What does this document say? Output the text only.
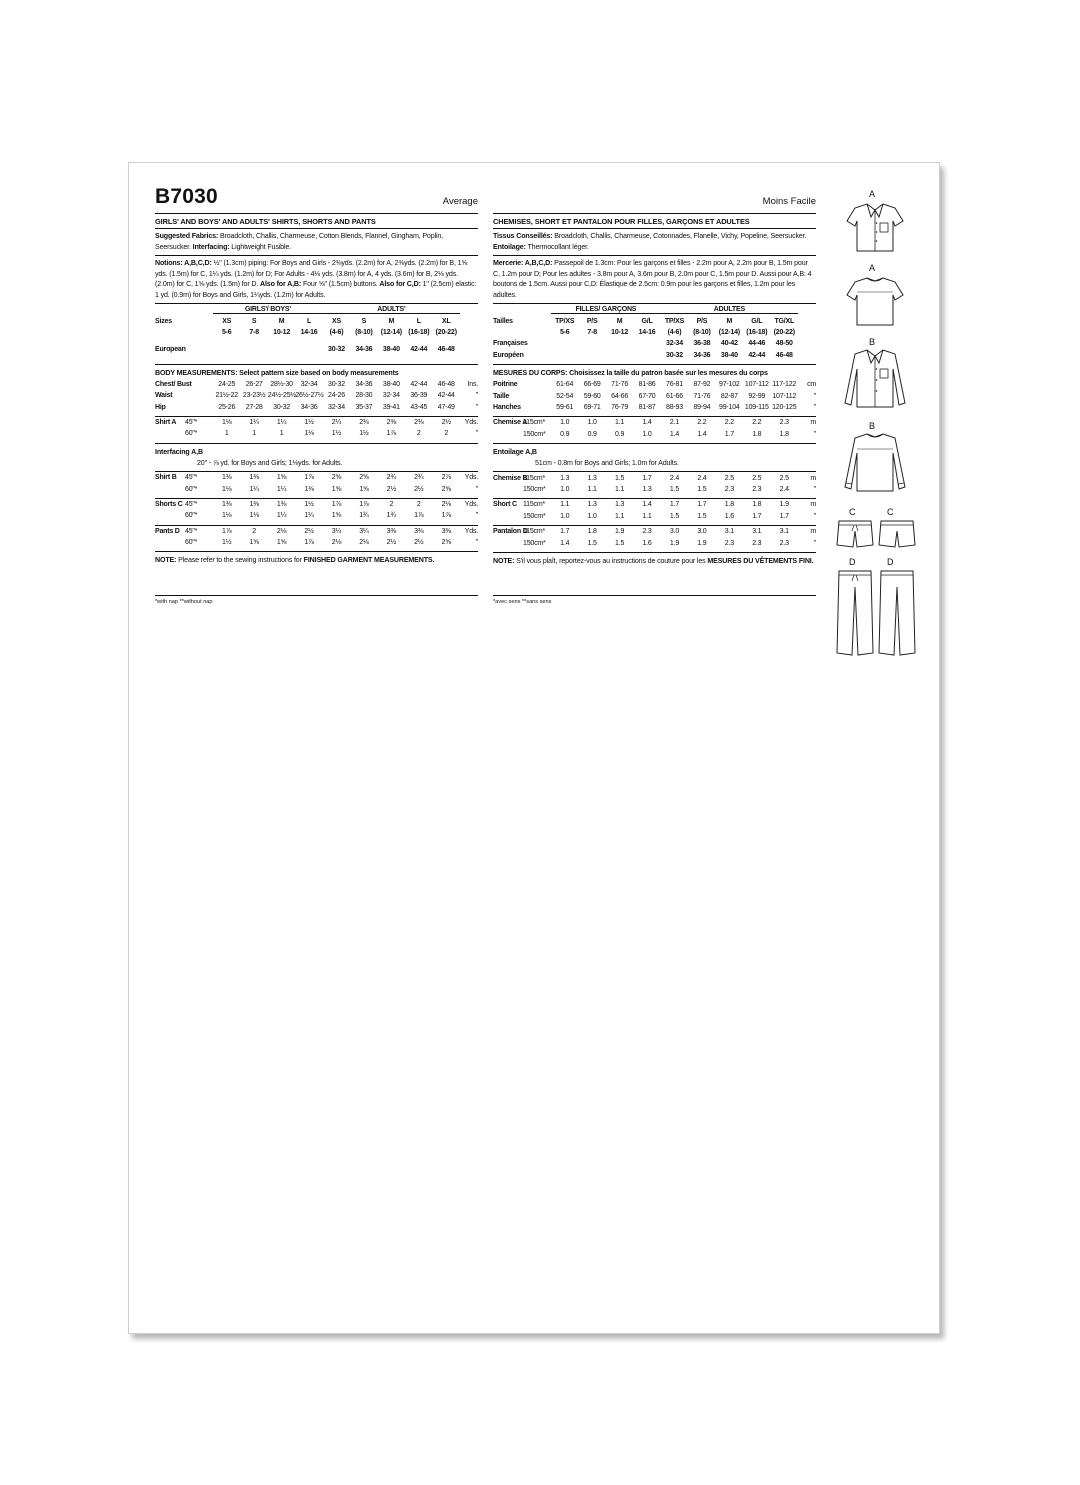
B7030	Average
GIRLS' AND BOYS' AND ADULTS' SHIRTS, SHORTS AND PANTS
Suggested Fabrics: Broadcloth, Challis, Charmeuse, Cotton Blends, Flannel, Gingham, Poplin, Seersucker. Interfacing: Lightweight Fusible.
Notions: A,B,C,D: ½" (1.3cm) piping: For Boys and Girls - 2⅜yds. (2.2m) for A, 2⅜yds. (2.2m) for B, 1⅝ yds. (1.5m) for C, 1¼ yds. (1.2m) for D; For Adults - 4⅛ yds. (3.8m) for A, 4 yds. (3.6m) for B, 2⅛ yds. (2.0m) for C, 1⅝ yds. (1.5m) for D. Also for A,B: Four ⅝" (1.5cm) buttons. Also for C,D: 1" (2.5cm) elastic: 1 yd. (0.9m) for Boys and Girls, 1¼yds. (1.2m) for Adults.
	GIRLS'/ BOYS'				ADULTS'					
Sizes	XS	S	M	L	XS	S	M	L	XL	
	5-6	7-8	10-12	14-16	(4-6)	(8-10)	(12-14)	(16-18)	(20-22)	

European					30-32	34-36	38-40	42-44	46-48	
BODY MEASUREMENTS: Select pattern size based on body measurements
Chest/ Bust	24-25	26-27	28½-30	32-34	30-32	34-36	38-40	42-44	46-48	Ins.
Waist	21½-22	23-23½	24½-25½	26½-27½	24-26	28-30	32-34	36-39	42-44	"
Hip	25-26	27-28	30-32	34-36	32-34	35-37	39-41	43-45	47-49	"
Shirt A	45"*	1⅛	1¼	1¼	1½	2¼	2⅜	2⅜	2⅜	2½	Yds.
	60"*	1	1	1	1⅛	1½	1½	1⅞	2	2	"
Interfacing A,B
20" - ⅞ yd. for Boys and Girls; 1⅛yds. for Adults.
Shirt B	45"*	1⅜	1⅜	1⅝	1⅞	2⅝	2⅝	2¾	2¾	2⅞	Yds.
	60"*	1⅛	1¼	1¼	1⅜	1⅝	1⅝	2½	2½	2⅝	"
Shorts C	45"*	1⅜	1⅜	1⅜	1½	1⅞	1⅞	2	2	2⅛	Yds.
	60"*	1⅛	1⅛	1¼	1¼	1⅝	1¾	1¾	1⅞	1⅞	"
Pants D	45"*	1⅞	2	2⅛	2½	3¼	3¼	3⅜	3⅜	3⅜	Yds.
	60"*	1½	1⅝	1⅝	1⅞	2⅛	2⅛	2½	2½	2⅝	"
NOTE: Please refer to the sewing instructions for FINISHED GARMENT MEASUREMENTS.
*with nap **without nap
Moins Facile
CHEMISES, SHORT ET PANTALON POUR FILLES, GARÇONS ET ADULTES
Tissus Conseillés: Broadcloth, Challis, Charmeuse, Cotonnades, Flanelle, Vichy, Popeline, Seersucker.
Entoilage: Thermocollant léger.
Mercerie: A,B,C,D: Passepoil de 1.3cm: Pour les garçons et filles - 2.2m pour A, 2.2m pour B, 1.5m pour C, 1.2m pour D; Pour les adultes - 3.8m pour A, 3.6m pour B, 2.0m pour C, 1.5m pour D. Aussi pour A,B: 4 boutons de 1.5cm. Aussi pour C,D: Élastique de 2.5cm: 0.9m pour les garçons et filles, 1.2m pour les adultes.
	FILLES/ GARÇONS				ADULTES					
Tailles	TP/XS	P/S	M	G/L	TP/XS	P/S	M	G/L	TG/XL	
	5-6	7-8	10-12	14-16	(4-6)	(8-10)	(12-14)	(16-18)	(20-22)	
Françaises					32-34	36-38	40-42	44-46	48-50	
Européen					30-32	34-36	38-40	42-44	46-48	
MESURES DU CORPS: Choisissez la taille du patron basée sur les mesures du corps
Poitrine	61-64	66-69	71-76	81-86	76-81	87-92	97-102	107-112	117-122	cm
Taille	52-54	59-60	64-66	67-70	61-66	71-76	82-87	92-99	107-112	"
Hanches	59-61	69-71	76-79	81-87	88-93	89-94	99-104	109-115	120-125	"
Chemise A	115cm*	1.0	1.0	1.1	1.4	2.1	2.2	2.2	2.2	2.3	m
	150cm*	0.9	0.9	0.9	1.0	1.4	1.4	1.7	1.8	1.8	"
Entoilage A,B
51cm - 0.8m for Boys and Girls; 1.0m for Adults.
Chemise B	115cm*	1.3	1.3	1.5	1.7	2.4	2.4	2.5	2.5	2.5	m
	150cm*	1.0	1.1	1.1	1.3	1.5	1.5	2.3	2.3	2.4	"
Short C	115cm*	1.1	1.3	1.3	1.4	1.7	1.7	1.8	1.8	1.9	m
	150cm*	1.0	1.0	1.1	1.1	1.5	1.5	1.6	1.7	1.7	"
Pantalon D	115cm*	1.7	1.8	1.9	2.3	3.0	3.0	3.1	3.1	3.1	m
	150cm*	1.4	1.5	1.5	1.6	1.9	1.9	2.3	2.3	2.3	"
NOTE: S'il vous plaît, reportez-vous au instructions de couture pour les MESURES DU VÊTEMENTS FINI.
*avec sens **sans sens
A
A
B
B
C	C
D	D
